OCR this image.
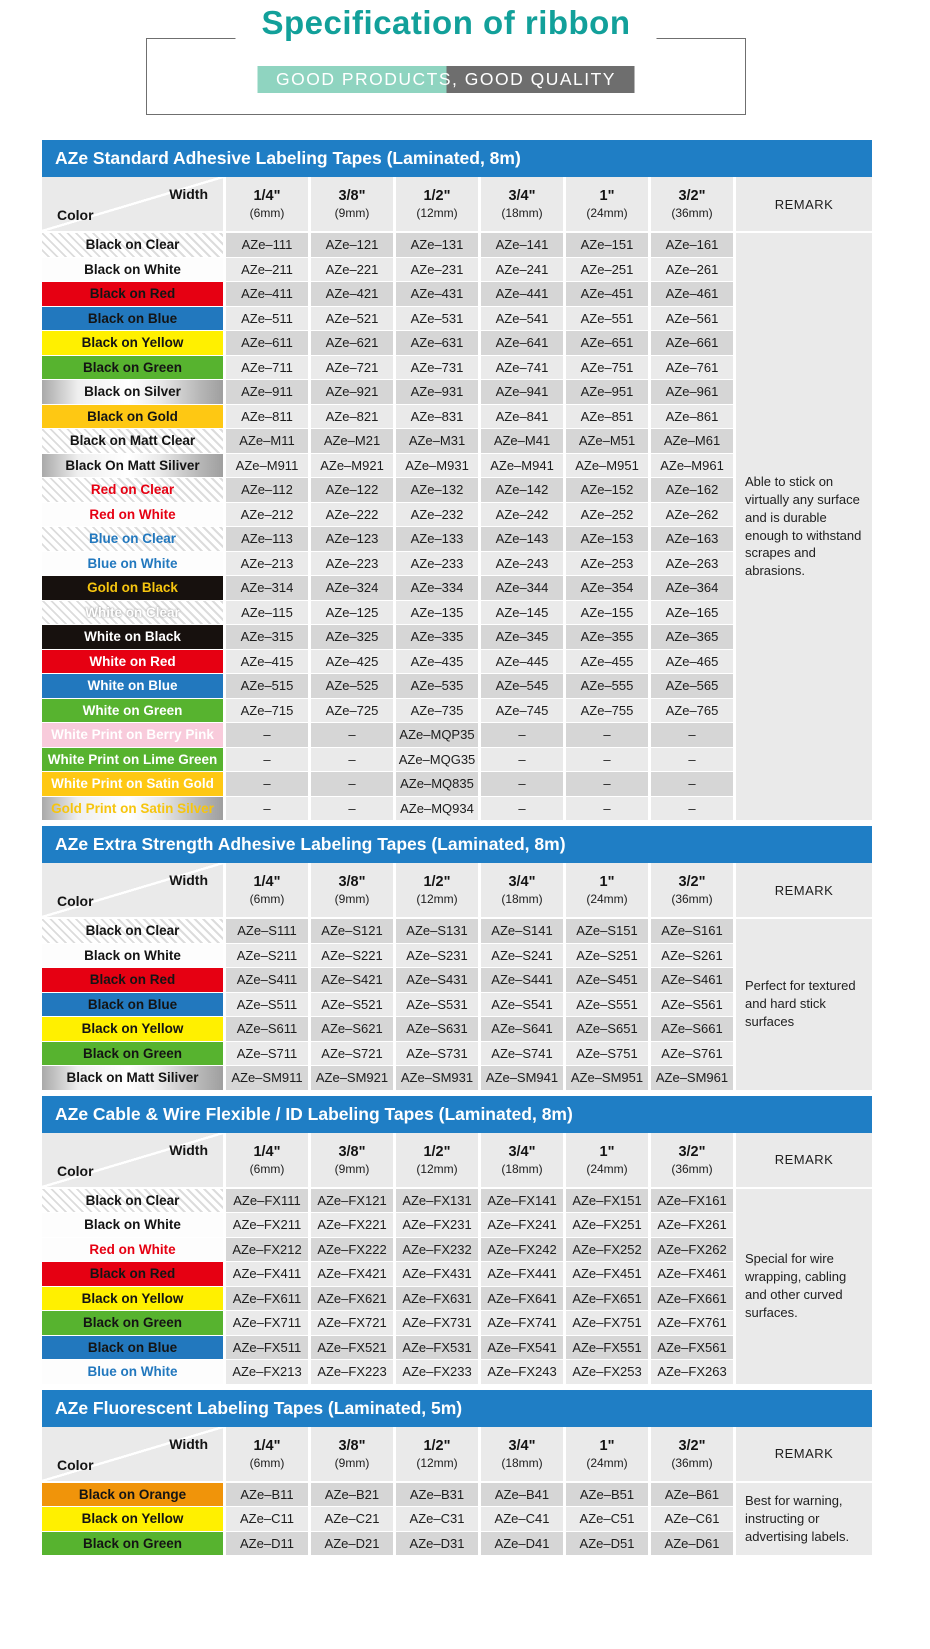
Specification of ribbon
GOOD PRODUCTS, GOOD QUALITY
AZe Standard Adhesive Labeling Tapes (Laminated, 8m)
Width
Color
1/4"
(6mm)
3/8"
(9mm)
1/2"
(12mm)
3/4"
(18mm)
1"
(24mm)
3/2"
(36mm)
Black on Clear	AZe–111	AZe–121	AZe–131	AZe–141	AZe–151	AZe–161
Black on White	AZe–211	AZe–221	AZe–231	AZe–241	AZe–251	AZe–261
Black on Red	AZe–411	AZe–421	AZe–431	AZe–441	AZe–451	AZe–461
Black on Blue	AZe–511	AZe–521	AZe–531	AZe–541	AZe–551	AZe–561
Black on Yellow	AZe–611	AZe–621	AZe–631	AZe–641	AZe–651	AZe–661
Black on Green	AZe–711	AZe–721	AZe–731	AZe–741	AZe–751	AZe–761
Black on Silver	AZe–911	AZe–921	AZe–931	AZe–941	AZe–951	AZe–961
Black on Gold	AZe–811	AZe–821	AZe–831	AZe–841	AZe–851	AZe–861
Black on Matt Clear	AZe–M11	AZe–M21	AZe–M31	AZe–M41	AZe–M51	AZe–M61
Black On Matt Siliver	AZe–M911	AZe–M921	AZe–M931	AZe–M941	AZe–M951	AZe–M961
Red on Clear	AZe–112	AZe–122	AZe–132	AZe–142	AZe–152	AZe–162
Red on White	AZe–212	AZe–222	AZe–232	AZe–242	AZe–252	AZe–262
Blue on Clear	AZe–113	AZe–123	AZe–133	AZe–143	AZe–153	AZe–163
Blue on White	AZe–213	AZe–223	AZe–233	AZe–243	AZe–253	AZe–263
Gold on Black	AZe–314	AZe–324	AZe–334	AZe–344	AZe–354	AZe–364
White on Clear	AZe–115	AZe–125	AZe–135	AZe–145	AZe–155	AZe–165
White on Black	AZe–315	AZe–325	AZe–335	AZe–345	AZe–355	AZe–365
White on Red	AZe–415	AZe–425	AZe–435	AZe–445	AZe–455	AZe–465
White on Blue	AZe–515	AZe–525	AZe–535	AZe–545	AZe–555	AZe–565
White on Green	AZe–715	AZe–725	AZe–735	AZe–745	AZe–755	AZe–765
White Print on Berry Pink	–	–	AZe–MQP35	–	–	–
White Print on Lime Green	–	–	AZe–MQG35	–	–	–
White Print on Satin Gold	–	–	AZe–MQ835	–	–	–
Gold Print on Satin Silver	–	–	AZe–MQ934	–	–	–
REMARK
Able to stick on virtually any surface and is durable enough to withstand scrapes and abrasions.
AZe Extra Strength Adhesive Labeling Tapes (Laminated, 8m)
Width
Color
1/4"
(6mm)
3/8"
(9mm)
1/2"
(12mm)
3/4"
(18mm)
1"
(24mm)
3/2"
(36mm)
Black on Clear	AZe–S111	AZe–S121	AZe–S131	AZe–S141	AZe–S151	AZe–S161
Black on White	AZe–S211	AZe–S221	AZe–S231	AZe–S241	AZe–S251	AZe–S261
Black on Red	AZe–S411	AZe–S421	AZe–S431	AZe–S441	AZe–S451	AZe–S461
Black on Blue	AZe–S511	AZe–S521	AZe–S531	AZe–S541	AZe–S551	AZe–S561
Black on Yellow	AZe–S611	AZe–S621	AZe–S631	AZe–S641	AZe–S651	AZe–S661
Black on Green	AZe–S711	AZe–S721	AZe–S731	AZe–S741	AZe–S751	AZe–S761
Black on Matt Siliver	AZe–SM911	AZe–SM921 AZe–SM931 AZe–SM941 AZe–SM951 AZe–SM961
REMARK
Perfect for textured and hard stick surfaces
AZe Cable & Wire Flexible / ID Labeling Tapes (Laminated, 8m)
Width
Color
1/4"
(6mm)
3/8"
(9mm)
1/2"
(12mm)
3/4"
(18mm)
1"
(24mm)
3/2"
(36mm)
Black on Clear	AZe–FX111	AZe–FX121	AZe–FX131	AZe–FX141	AZe–FX151	AZe–FX161
Black on White	AZe–FX211	AZe–FX221	AZe–FX231	AZe–FX241	AZe–FX251	AZe–FX261
Red on White	AZe–FX212	AZe–FX222	AZe–FX232	AZe–FX242	AZe–FX252	AZe–FX262
Black on Red	AZe–FX411	AZe–FX421	AZe–FX431	AZe–FX441	AZe–FX451	AZe–FX461
Black on Yellow	AZe–FX611	AZe–FX621	AZe–FX631	AZe–FX641	AZe–FX651	AZe–FX661
Black on Green	AZe–FX711	AZe–FX721	AZe–FX731	AZe–FX741	AZe–FX751	AZe–FX761
Black on Blue	AZe–FX511	AZe–FX521	AZe–FX531	AZe–FX541	AZe–FX551	AZe–FX561
Blue on White	AZe–FX213	AZe–FX223	AZe–FX233	AZe–FX243	AZe–FX253	AZe–FX263
REMARK
Special for wire wrapping, cabling and other curved surfaces.
AZe Fluorescent Labeling Tapes (Laminated, 5m)
Width
Color
1/4"
(6mm)
3/8"
(9mm)
1/2"
(12mm)
3/4"
(18mm)
1"
(24mm)
3/2"
(36mm)
Black on Orange	AZe–B11	AZe–B21	AZe–B31	AZe–B41	AZe–B51	AZe–B61
Black on Yellow	AZe–C11	AZe–C21	AZe–C31	AZe–C41	AZe–C51	AZe–C61
Black on Green	AZe–D11	AZe–D21	AZe–D31	AZe–D41	AZe–D51	AZe–D61
REMARK
Best for warning, instructing or advertising labels.
